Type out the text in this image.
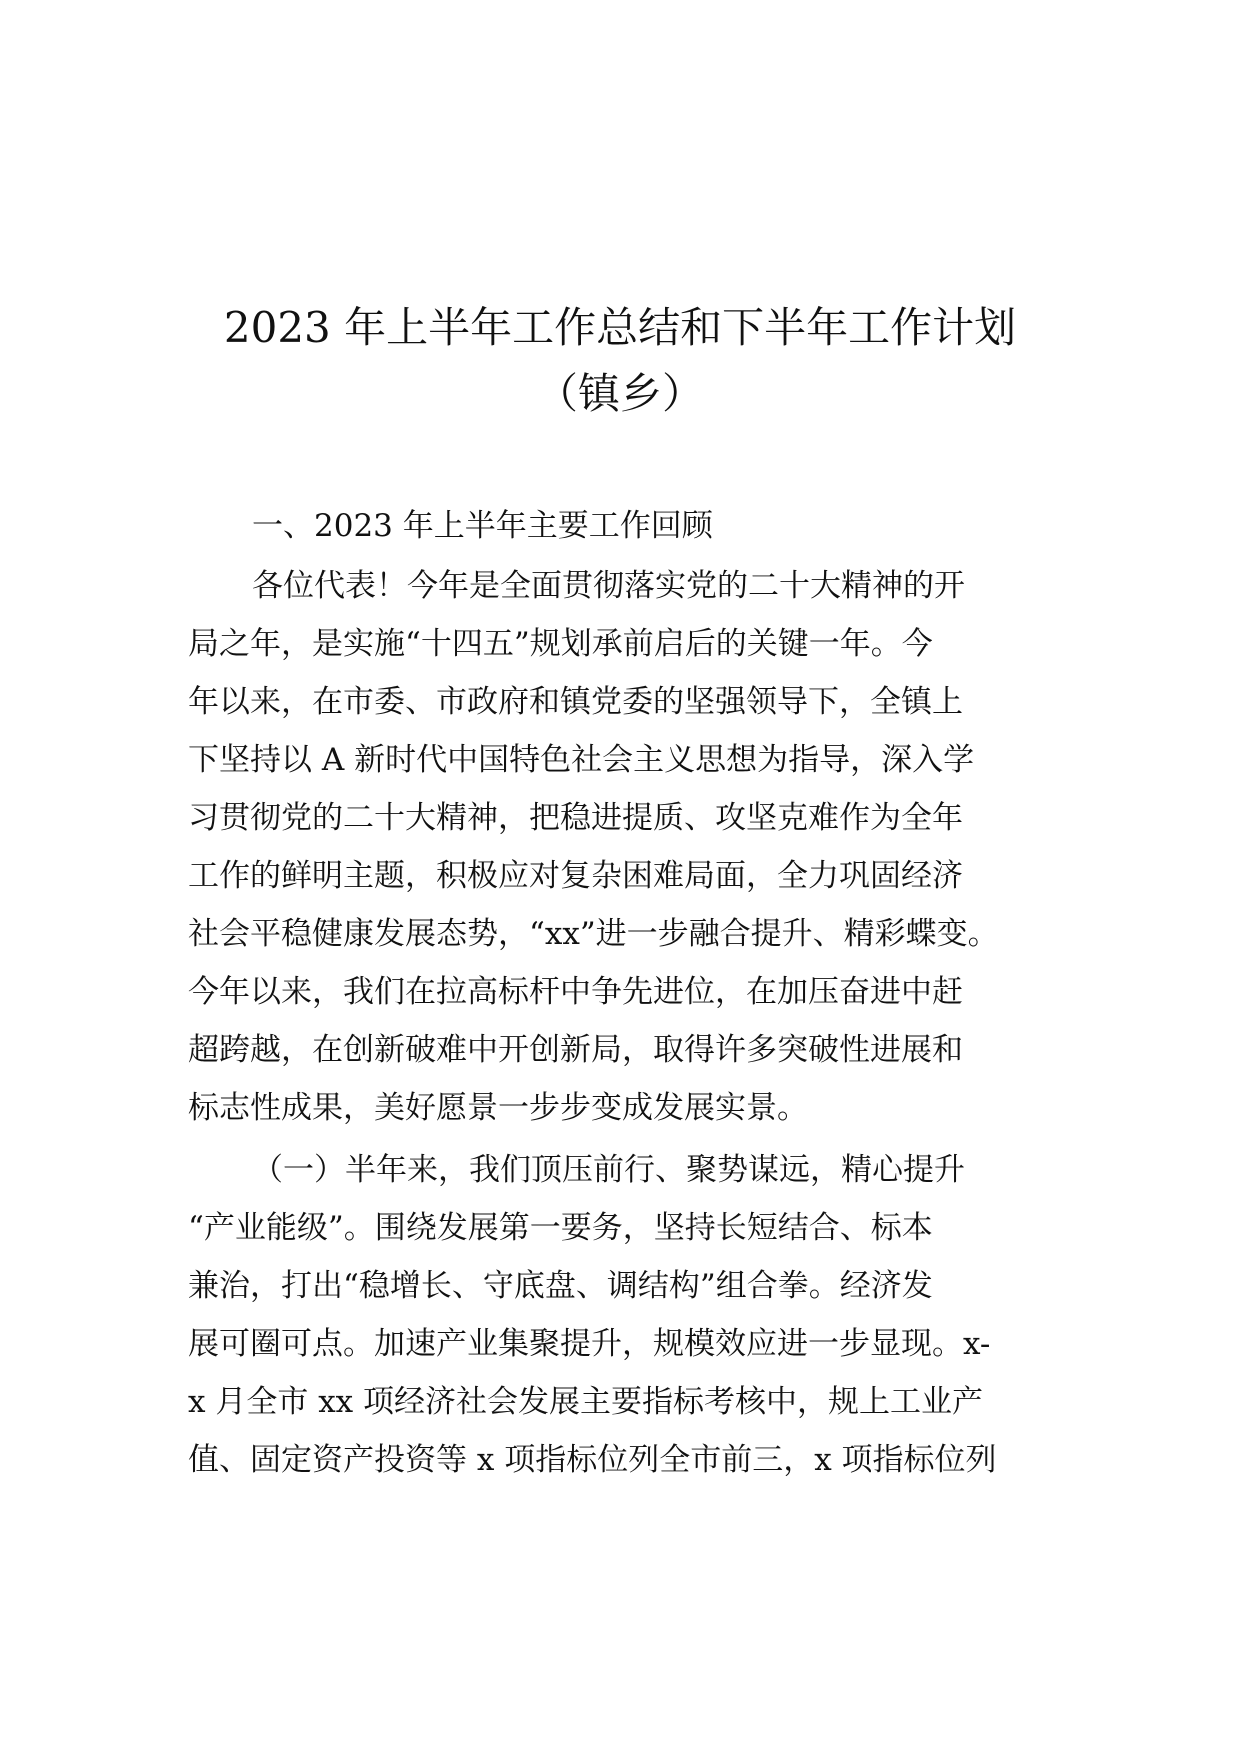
2023 年上半年工作总结和下半年工作计划
（镇乡）

一、2023 年上半年主要工作回顾

各位代表！今年是全面贯彻落实党的二十大精神的开

局之年，是实施“十四五”规划承前启后的关键一年。今

年以来，在市委、市政府和镇党委的坚强领导下，全镇上

下坚持以 A 新时代中国特色社会主义思想为指导，深入学

习贯彻党的二十大精神，把稳进提质、攻坚克难作为全年

工作的鲜明主题，积极应对复杂困难局面，全力巩固经济

社会平稳健康发展态势，“xx”进一步融合提升、精彩蝶变。

今年以来，我们在拉高标杆中争先进位，在加压奋进中赶

超跨越，在创新破难中开创新局，取得许多突破性进展和

标志性成果，美好愿景一步步变成发展实景。

（一）半年来，我们顶压前行、聚势谋远，精心提升

“产业能级”。围绕发展第一要务，坚持长短结合、标本

兼治，打出“稳增长、守底盘、调结构”组合拳。经济发

展可圈可点。加速产业集聚提升，规模效应进一步显现。x-

x 月全市 xx 项经济社会发展主要指标考核中，规上工业产

值、固定资产投资等 x 项指标位列全市前三，x 项指标位列
